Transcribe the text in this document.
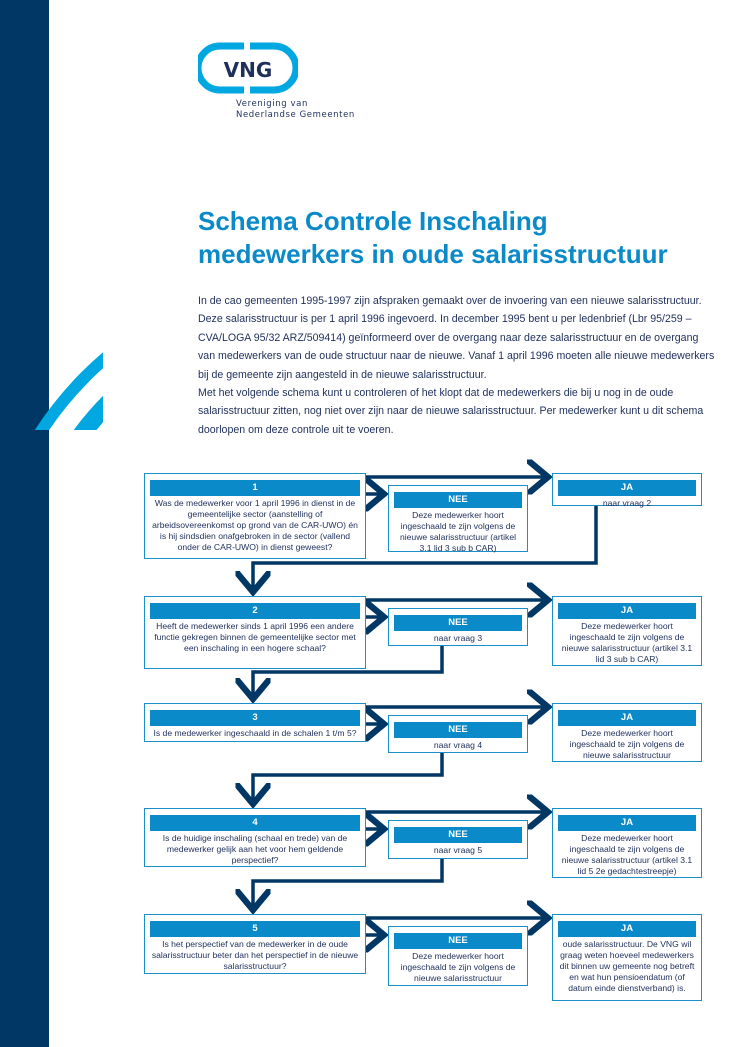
VNG
Vereniging van
Nederlandse Gemeenten
Schema Controle Inschaling
medewerkers in oude salarisstructuur

In de cao gemeenten 1995-1997 zijn afspraken gemaakt over de invoering van een nieuwe salarisstructuur. Deze salarisstructuur is per 1 april 1996 ingevoerd. In december 1995 bent u per ledenbrief (Lbr 95/259 – CVA/LOGA 95/32 ARZ/509414) geïnformeerd over de overgang naar deze salarisstructuur en de overgang van medewerkers van de oude structuur naar de nieuwe. Vanaf 1 april 1996 moeten alle nieuwe medewerkers bij de gemeente zijn aangesteld in de nieuwe salarisstructuur.

Met het volgende schema kunt u controleren of het klopt dat de medewerkers die bij u nog in de oude salarisstructuur zitten, nog niet over zijn naar de nieuwe salarisstructuur. Per medewerker kunt u dit schema doorlopen om deze controle uit te voeren.

1
Was de medewerker voor 1 april 1996 in dienst in de gemeentelijke sector (aanstelling of arbeidsovereenkomst op grond van de CAR-UWO) én is hij sindsdien onafgebroken in de sector (vallend onder de CAR-UWO) in dienst geweest?
NEE
Deze medewerker hoort ingeschaald te zijn volgens de nieuwe salarisstructuur (artikel 3.1 lid 3 sub b CAR)
JA
naar vraag 2
2
Heeft de medewerker sinds 1 april 1996 een andere functie gekregen binnen de gemeentelijke sector met een inschaling in een hogere schaal?
NEE
naar vraag 3
JA
Deze medewerker hoort ingeschaald te zijn volgens de nieuwe salarisstructuur (artikel 3.1 lid 3 sub b CAR)
3
Is de medewerker ingeschaald in de schalen 1 t/m 5?	NEE
naar vraag 4
JA
Deze medewerker hoort ingeschaald te zijn volgens de nieuwe salarisstructuur
4
Is de huidige inschaling (schaal en trede) van de medewerker gelijk aan het voor hem geldende perspectief?
NEE
naar vraag 5
JA
Deze medewerker hoort ingeschaald te zijn volgens de nieuwe salarisstructuur (artikel 3.1 lid 5 2e gedachtestreepje)
5
Is het perspectief van de medewerker in de oude salarisstructuur beter dan het perspectief in de nieuwe salarisstructuur?
NEE
Deze medewerker hoort ingeschaald te zijn volgens de nieuwe salarisstructuur
JA
oude salarisstructuur. De VNG wil graag weten hoeveel medewerkers dit binnen uw gemeente nog betreft en wat hun pensioendatum (of datum einde dienstverband) is.
